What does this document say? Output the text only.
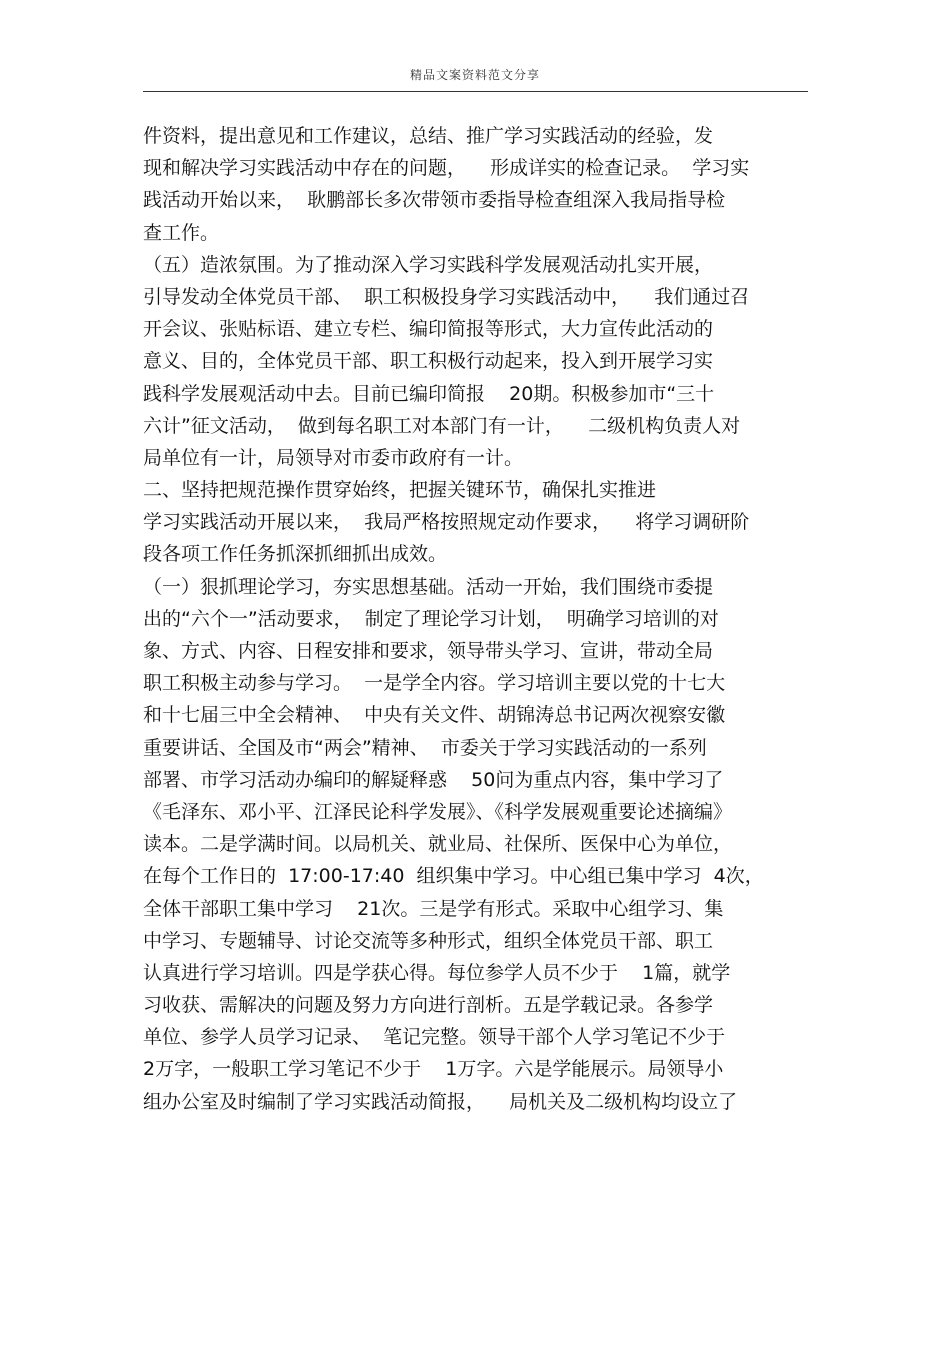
精品文案资料范文分享
件资料，提出意见和工作建议，总结、推广学习实践活动的经验，发
现和解决学习实践活动中存在的问题，    形成详实的检查记录。  学习实
践活动开始以来，  耿鹏部长多次带领市委指导检查组深入我局指导检
查工作。
（五）造浓氛围。为了推动深入学习实践科学发展观活动扎实开展，
引导发动全体党员干部、  职工积极投身学习实践活动中，    我们通过召
开会议、张贴标语、建立专栏、编印简报等形式，大力宣传此活动的
意义、目的，全体党员干部、职工积极行动起来，投入到开展学习实
践科学发展观活动中去。目前已编印简报    20期。积极参加市“三十
六计”征文活动，  做到每名职工对本部门有一计，    二级机构负责人对
局单位有一计，局领导对市委市政府有一计。
二、坚持把规范操作贯穿始终，把握关键环节，确保扎实推进
学习实践活动开展以来，  我局严格按照规定动作要求，    将学习调研阶
段各项工作任务抓深抓细抓出成效。
（一）狠抓理论学习，夯实思想基础。活动一开始，我们围绕市委提
出的“六个一”活动要求，  制定了理论学习计划，  明确学习培训的对
象、方式、内容、日程安排和要求，领导带头学习、宣讲，带动全局
职工积极主动参与学习。  一是学全内容。学习培训主要以党的十七大
和十七届三中全会精神、  中央有关文件、胡锦涛总书记两次视察安徽
重要讲话、全国及市“两会”精神、  市委关于学习实践活动的一系列
部署、市学习活动办编印的解疑释惑    50问为重点内容，集中学习了
《毛泽东、邓小平、江泽民论科学发展》、《科学发展观重要论述摘编》
读本。二是学满时间。以局机关、就业局、社保所、医保中心为单位，
在每个工作日的  17:00-17:40  组织集中学习。中心组已集中学习  4次，
全体干部职工集中学习    21次。三是学有形式。采取中心组学习、集
中学习、专题辅导、讨论交流等多种形式，组织全体党员干部、职工
认真进行学习培训。四是学获心得。每位参学人员不少于    1篇，就学
习收获、需解决的问题及努力方向进行剖析。五是学载记录。各参学
单位、参学人员学习记录、  笔记完整。领导干部个人学习笔记不少于
2万字，一般职工学习笔记不少于    1万字。六是学能展示。局领导小
组办公室及时编制了学习实践活动简报，    局机关及二级机构均设立了
